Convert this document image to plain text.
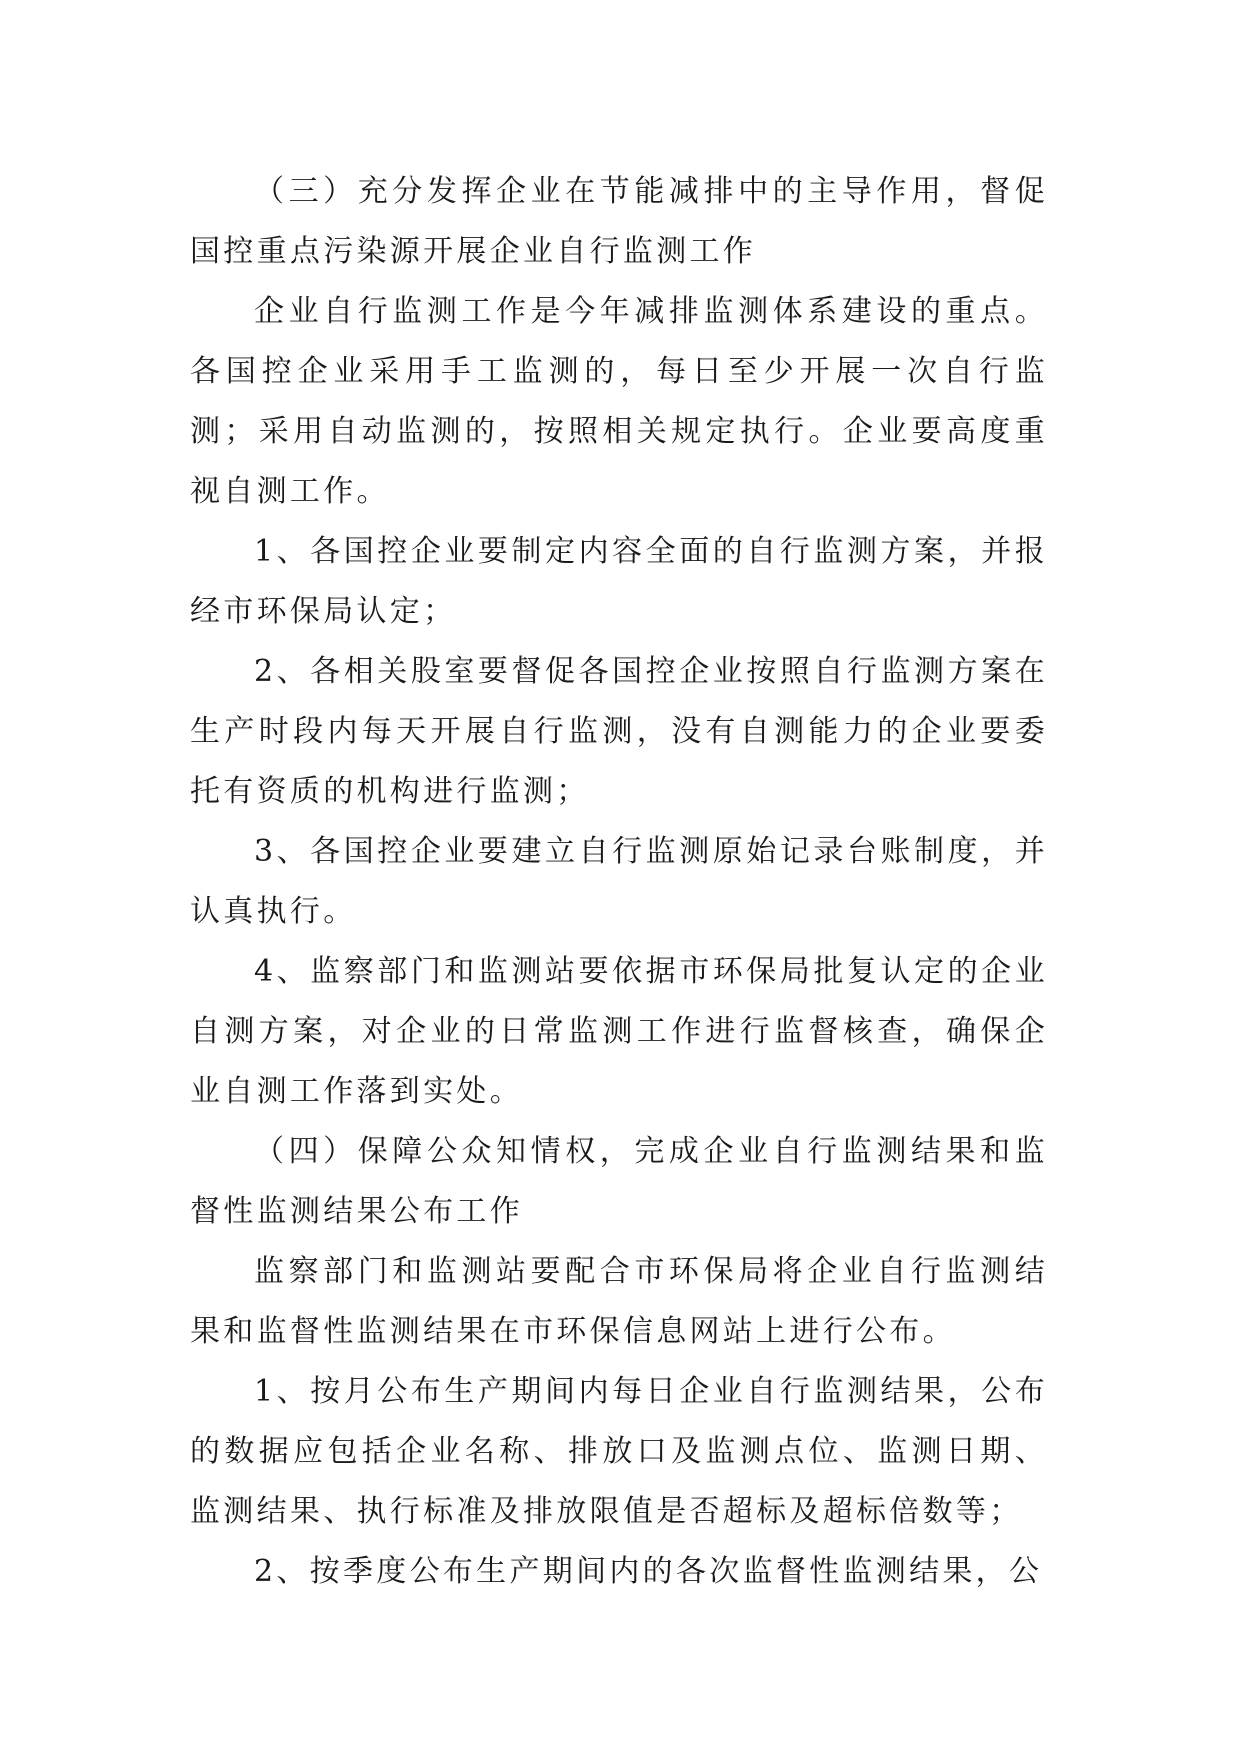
（三）充分发挥企业在节能减排中的主导作用，督促国控重点污染源开展企业自行监测工作

企业自行监测工作是今年减排监测体系建设的重点。各国控企业采用手工监测的，每日至少开展一次自行监测；采用自动监测的，按照相关规定执行。企业要高度重视自测工作。

1、各国控企业要制定内容全面的自行监测方案，并报经市环保局认定；

2、各相关股室要督促各国控企业按照自行监测方案在生产时段内每天开展自行监测，没有自测能力的企业要委托有资质的机构进行监测；

3、各国控企业要建立自行监测原始记录台账制度，并认真执行。

4、监察部门和监测站要依据市环保局批复认定的企业自测方案，对企业的日常监测工作进行监督核查，确保企业自测工作落到实处。

（四）保障公众知情权，完成企业自行监测结果和监督性监测结果公布工作

监察部门和监测站要配合市环保局将企业自行监测结果和监督性监测结果在市环保信息网站上进行公布。

1、按月公布生产期间内每日企业自行监测结果，公布的数据应包括企业名称、排放口及监测点位、监测日期、监测结果、执行标准及排放限值是否超标及超标倍数等；

2、按季度公布生产期间内的各次监督性监测结果，公
